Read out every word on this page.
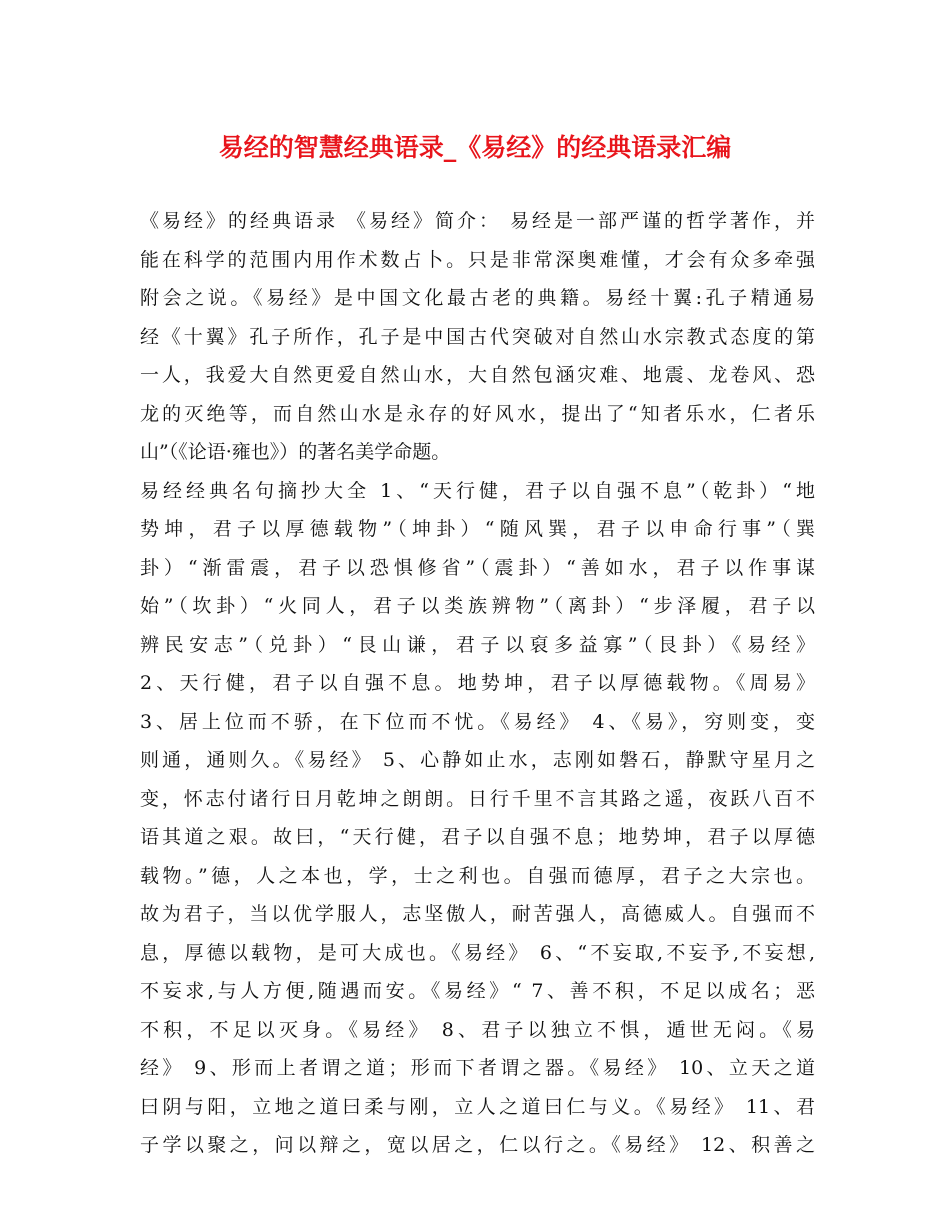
易经的智慧经典语录_《易经》的经典语录汇编
《易经》的经典语录 《易经》简介： 易经是一部严谨的哲学著作，并
能在科学的范围内用作术数占卜。只是非常深奥难懂，才会有众多牵强
附会之说。《易经》是中国文化最古老的典籍。易经十翼:孔子精通易
经《十翼》孔子所作，孔子是中国古代突破对自然山水宗教式态度的第
一人，我爱大自然更爱自然山水，大自然包涵灾难、地震、龙卷风、恐
龙的灭绝等，而自然山水是永存的好风水，提出了“知者乐水，仁者乐
山”（《论语·雍也》）的著名美学命题。
易经经典名句摘抄大全 1、“天行健，君子以自强不息”（乾卦）“地
势坤，君子以厚德载物”（坤卦）“随风巽，君子以申命行事”（巽
卦）“渐雷震，君子以恐惧修省”（震卦）“善如水，君子以作事谋
始”（坎卦）“火同人，君子以类族辨物”（离卦）“步泽履，君子以
辨民安志”（兑卦）“艮山谦，君子以裒多益寡”（艮卦）《易经》
2、天行健，君子以自强不息。地势坤，君子以厚德载物。《周易》
3、居上位而不骄，在下位而不忧。《易经》 4、《易》，穷则变，变
则通，通则久。《易经》 5、心静如止水，志刚如磐石，静默守星月之
变，怀志付诸行日月乾坤之朗朗。日行千里不言其路之遥，夜跃八百不
语其道之艰。故曰，“天行健，君子以自强不息；地势坤，君子以厚德
载物。”德，人之本也，学，士之利也。自强而德厚，君子之大宗也。
故为君子，当以优学服人，志坚傲人，耐苦强人，高德威人。自强而不
息，厚德以载物，是可大成也。《易经》 6、“不妄取,不妄予,不妄想,
不妄求,与人方便,随遇而安。《易经》“ 7、善不积，不足以成名；恶
不积，不足以灭身。《易经》 8、君子以独立不惧，遁世无闷。《易
经》 9、形而上者谓之道；形而下者谓之器。《易经》 10、立天之道
曰阴与阳，立地之道曰柔与刚，立人之道曰仁与义。《易经》 11、君
子学以聚之，问以辩之，宽以居之，仁以行之。《易经》 12、积善之
